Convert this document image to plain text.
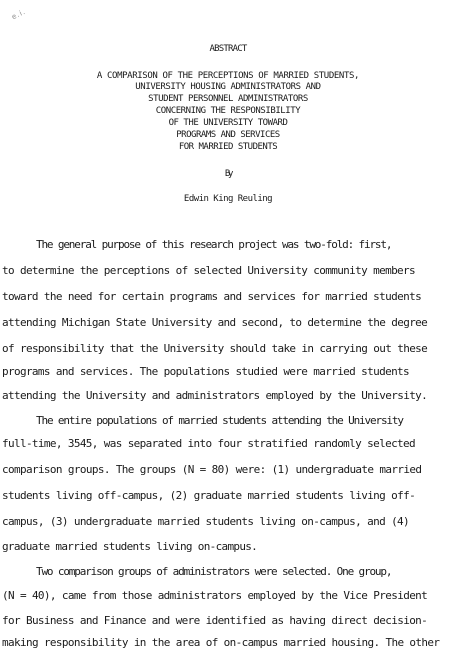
e.i.
ABSTRACT
A COMPARISON OF THE PERCEPTIONS OF MARRIED STUDENTS,
UNIVERSITY HOUSING ADMINISTRATORS AND
STUDENT PERSONNEL ADMINISTRATORS
CONCERNING THE RESPONSIBILITY
OF THE UNIVERSITY TOWARD
PROGRAMS AND SERVICES
FOR MARRIED STUDENTS
By
Edwin King Reuling
The general purpose of this research project was two-fold: first,
to determine the perceptions of selected University community members
toward the need for certain programs and services for married students
attending Michigan State University and second, to determine the degree
of responsibility that the University should take in carrying out these
programs and services. The populations studied were married students
attending the University and administrators employed by the University.
The entire populations of married students attending the University
full-time, 3545, was separated into four stratified randomly selected
comparison groups. The groups (N = 80) were: (1) undergraduate married
students living off-campus, (2) graduate married students living off-
campus, (3) undergraduate married students living on-campus, and (4)
graduate married students living on-campus.
Two comparison groups of administrators were selected. One group,
(N = 40), came from those administrators employed by the Vice President
for Business and Finance and were identified as having direct decision-
making responsibility in the area of on-campus married housing. The other
